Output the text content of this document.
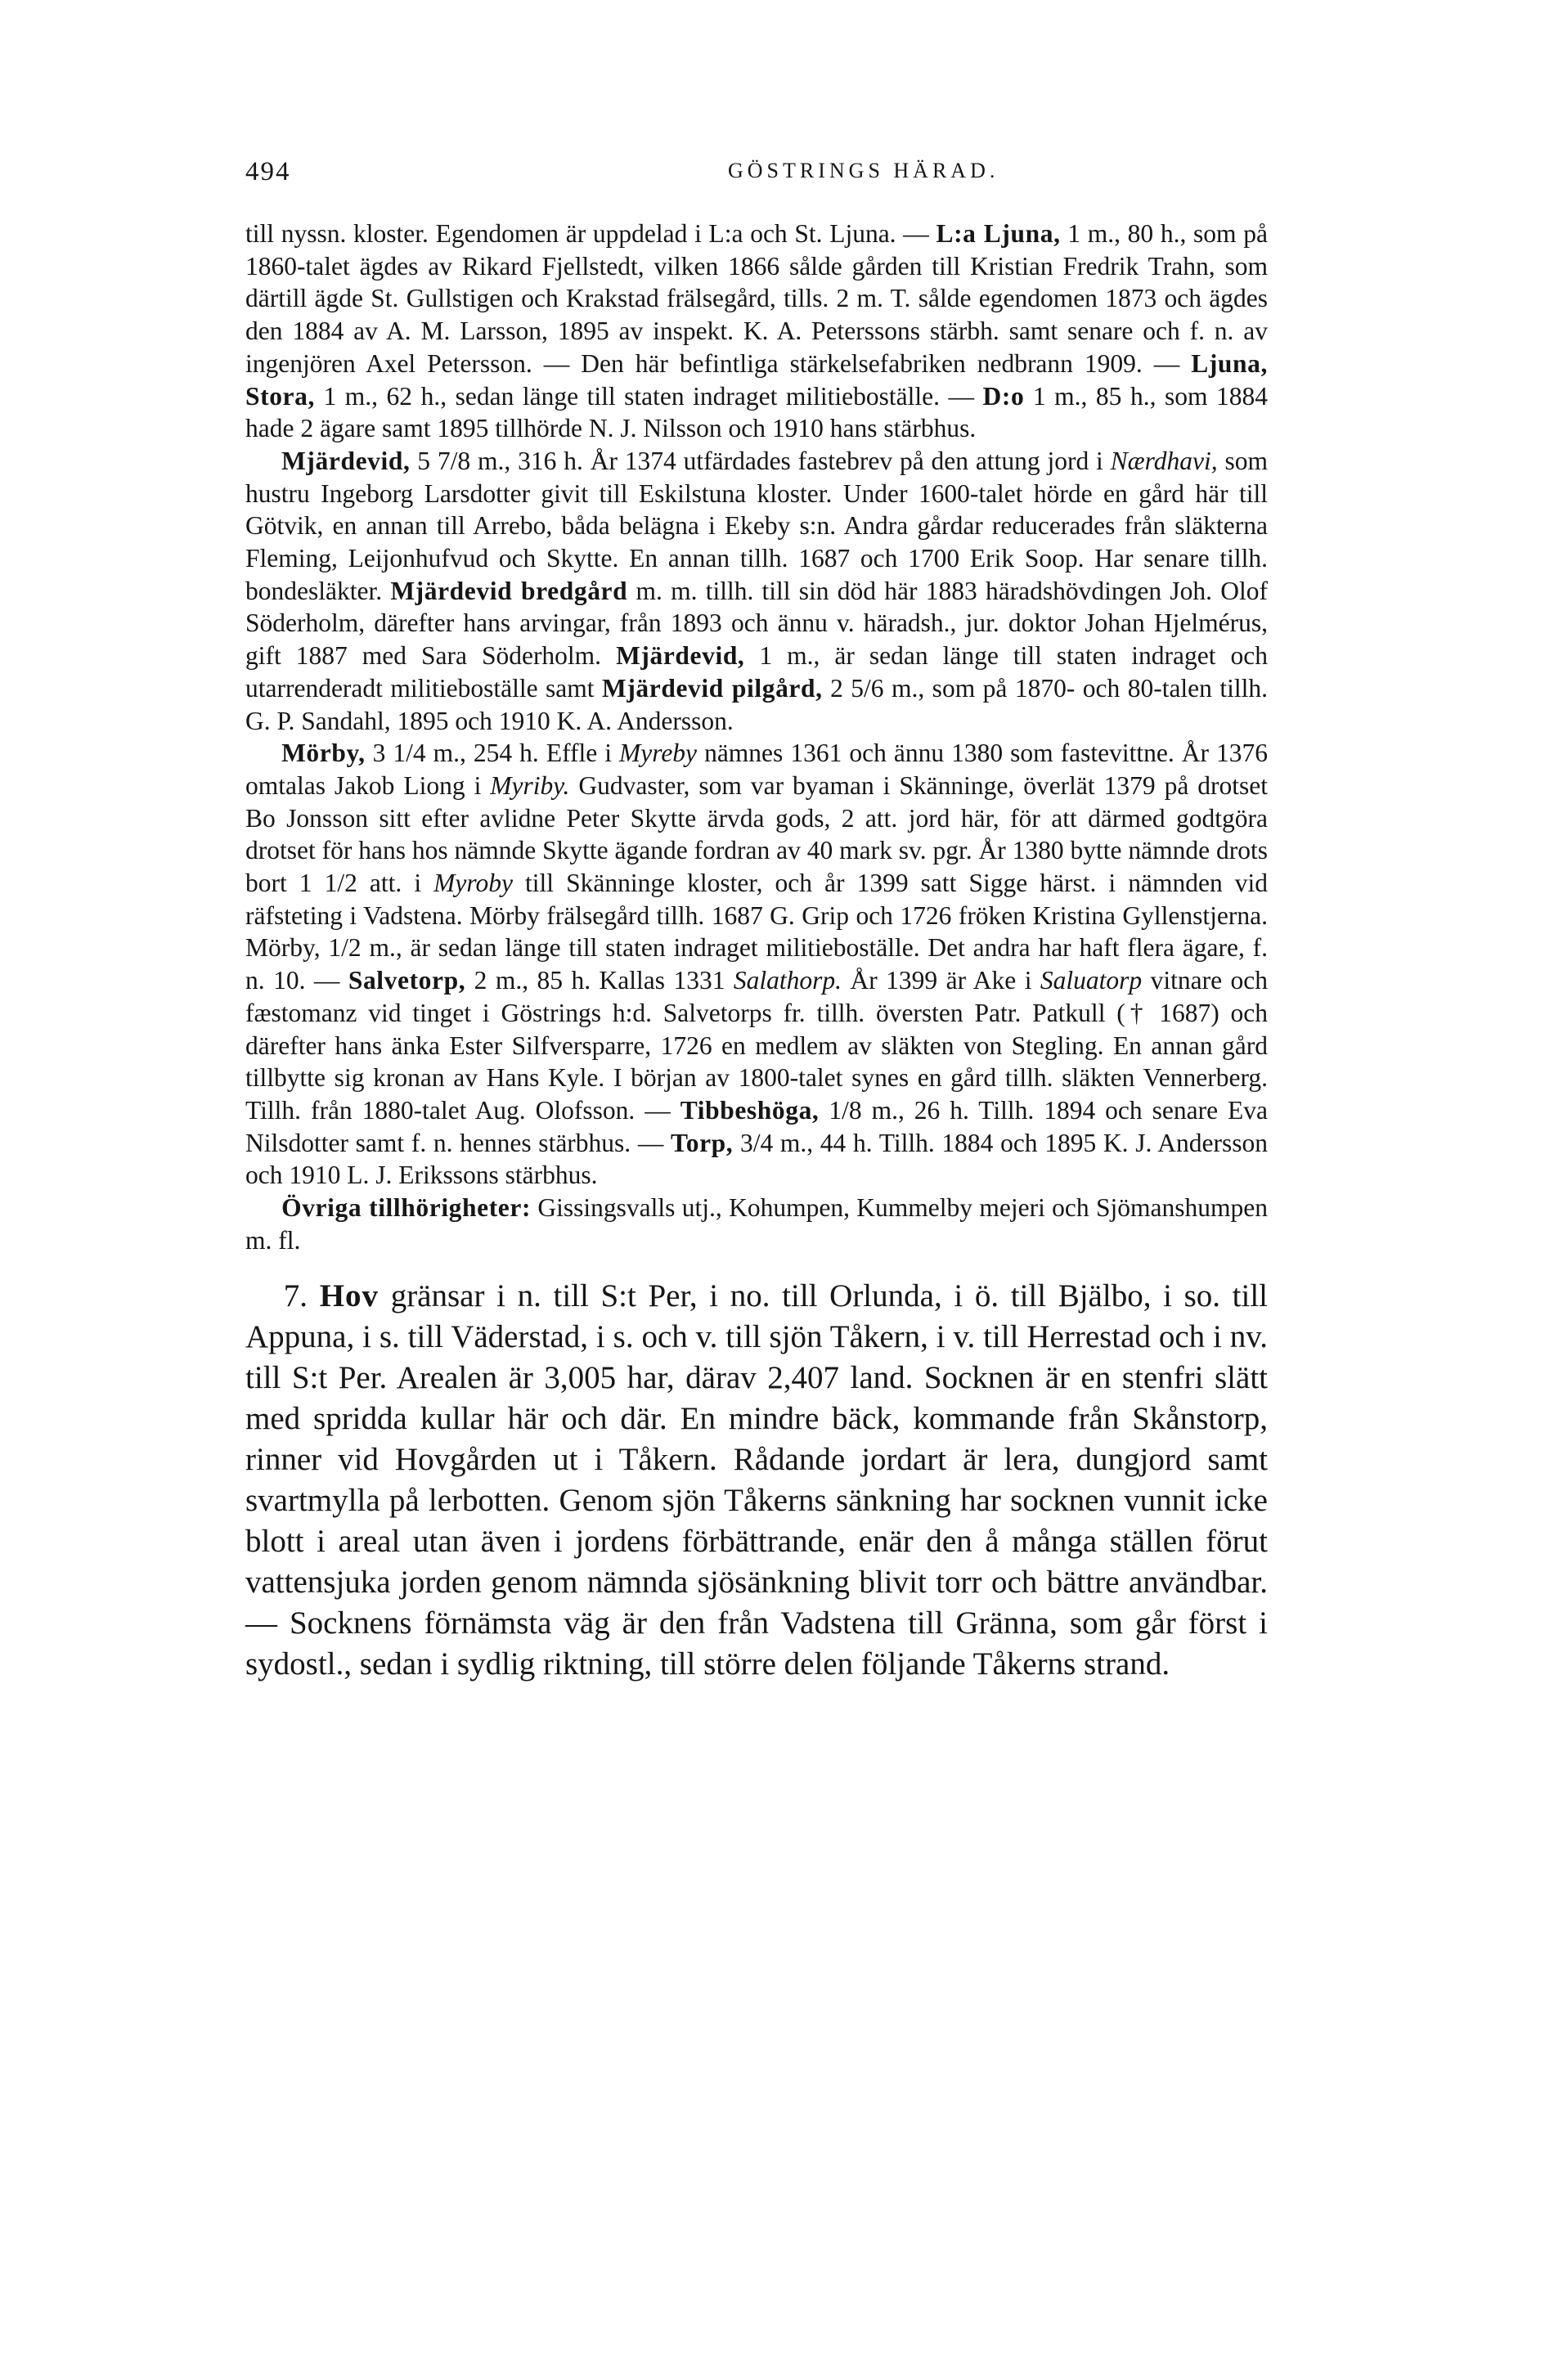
494	GÖSTRINGS HÄRAD.

till nyssn. kloster. Egendomen är uppdelad i L:a och St. Ljuna. — L:a Ljuna, 1 m., 80 h., som på 1860-talet ägdes av Rikard Fjellstedt, vilken 1866 sålde gården till Kristian Fredrik Trahn, som därtill ägde St. Gullstigen och Krakstad frälsegård, tills. 2 m. T. sålde egendomen 1873 och ägdes den 1884 av A. M. Larsson, 1895 av inspekt. K. A. Peterssons stärbh. samt senare och f. n. av ingenjören Axel Petersson. — Den här befintliga stärkelsefabriken nedbrann 1909. — Ljuna, Stora, 1 m., 62 h., sedan länge till staten indraget militieboställe. — D:o 1 m., 85 h., som 1884 hade 2 ägare samt 1895 tillhörde N. J. Nilsson och 1910 hans stärbhus.

Mjärdevid, 5 7/8 m., 316 h. År 1374 utfärdades fastebrev på den attung jord i Nærdhavi, som hustru Ingeborg Larsdotter givit till Eskilstuna kloster. Under 1600-talet hörde en gård här till Götvik, en annan till Arrebo, båda belägna i Ekeby s:n. Andra gårdar reducerades från släkterna Fleming, Leijonhufvud och Skytte. En annan tillh. 1687 och 1700 Erik Soop. Har senare tillh. bondesläkter. Mjärdevid bredgård m. m. tillh. till sin död här 1883 häradshövdingen Joh. Olof Söderholm, därefter hans arvingar, från 1893 och ännu v. häradsh., jur. doktor Johan Hjelmérus, gift 1887 med Sara Söderholm. Mjärdevid, 1 m., är sedan länge till staten indraget och utarrenderadt militieboställe samt Mjärdevid pilgård, 2 5/6 m., som på 1870- och 80-talen tillh. G. P. Sandahl, 1895 och 1910 K. A. Andersson.

Mörby, 3 1/4 m., 254 h. Effle i Myreby nämnes 1361 och ännu 1380 som fastevittne. År 1376 omtalas Jakob Liong i Myriby. Gudvaster, som var byaman i Skänninge, överlät 1379 på drotset Bo Jonsson sitt efter avlidne Peter Skytte ärvda gods, 2 att. jord här, för att därmed godtgöra drotset för hans hos nämnde Skytte ägande fordran av 40 mark sv. pgr. År 1380 bytte nämnde drots bort 1 1/2 att. i Myroby till Skänninge kloster, och år 1399 satt Sigge härst. i nämnden vid räfsteting i Vadstena. Mörby frälsegård tillh. 1687 G. Grip och 1726 fröken Kristina Gyllenstjerna. Mörby, 1/2 m., är sedan länge till staten indraget militieboställe. Det andra har haft flera ägare, f. n. 10. — Salvetorp, 2 m., 85 h. Kallas 1331 Salathorp. År 1399 är Ake i Saluatorp vitnare och fæstomanz vid tinget i Göstrings h:d. Salvetorps fr. tillh. översten Patr. Patkull († 1687) och därefter hans änka Ester Silfversparre, 1726 en medlem av släkten von Stegling. En annan gård tillbytte sig kronan av Hans Kyle. I början av 1800-talet synes en gård tillh. släkten Vennerberg. Tillh. från 1880-talet Aug. Olofsson. — Tibbeshöga, 1/8 m., 26 h. Tillh. 1894 och senare Eva Nilsdotter samt f. n. hennes stärbhus. — Torp, 3/4 m., 44 h. Tillh. 1884 och 1895 K. J. Andersson och 1910 L. J. Erikssons stärbhus.

Övriga tillhörigheter: Gissingsvalls utj., Kohumpen, Kummelby mejeri och Sjömanshumpen m. fl.

7. Hov gränsar i n. till S:t Per, i no. till Orlunda, i ö. till Bjälbo, i so. till Appuna, i s. till Väderstad, i s. och v. till sjön Tåkern, i v. till Herrestad och i nv. till S:t Per. Arealen är 3,005 har, därav 2,407 land. Socknen är en stenfri slätt med spridda kullar här och där. En mindre bäck, kommande från Skånstorp, rinner vid Hovgården ut i Tåkern. Rådande jordart är lera, dungjord samt svartmylla på lerbotten. Genom sjön Tåkerns sänkning har socknen vunnit icke blott i areal utan även i jordens förbättrande, enär den å många ställen förut vattensjuka jorden genom nämnda sjösänkning blivit torr och bättre användbar. — Socknens förnämsta väg är den från Vadstena till Gränna, som går först i sydostl., sedan i sydlig riktning, till större delen följande Tåkerns strand.
